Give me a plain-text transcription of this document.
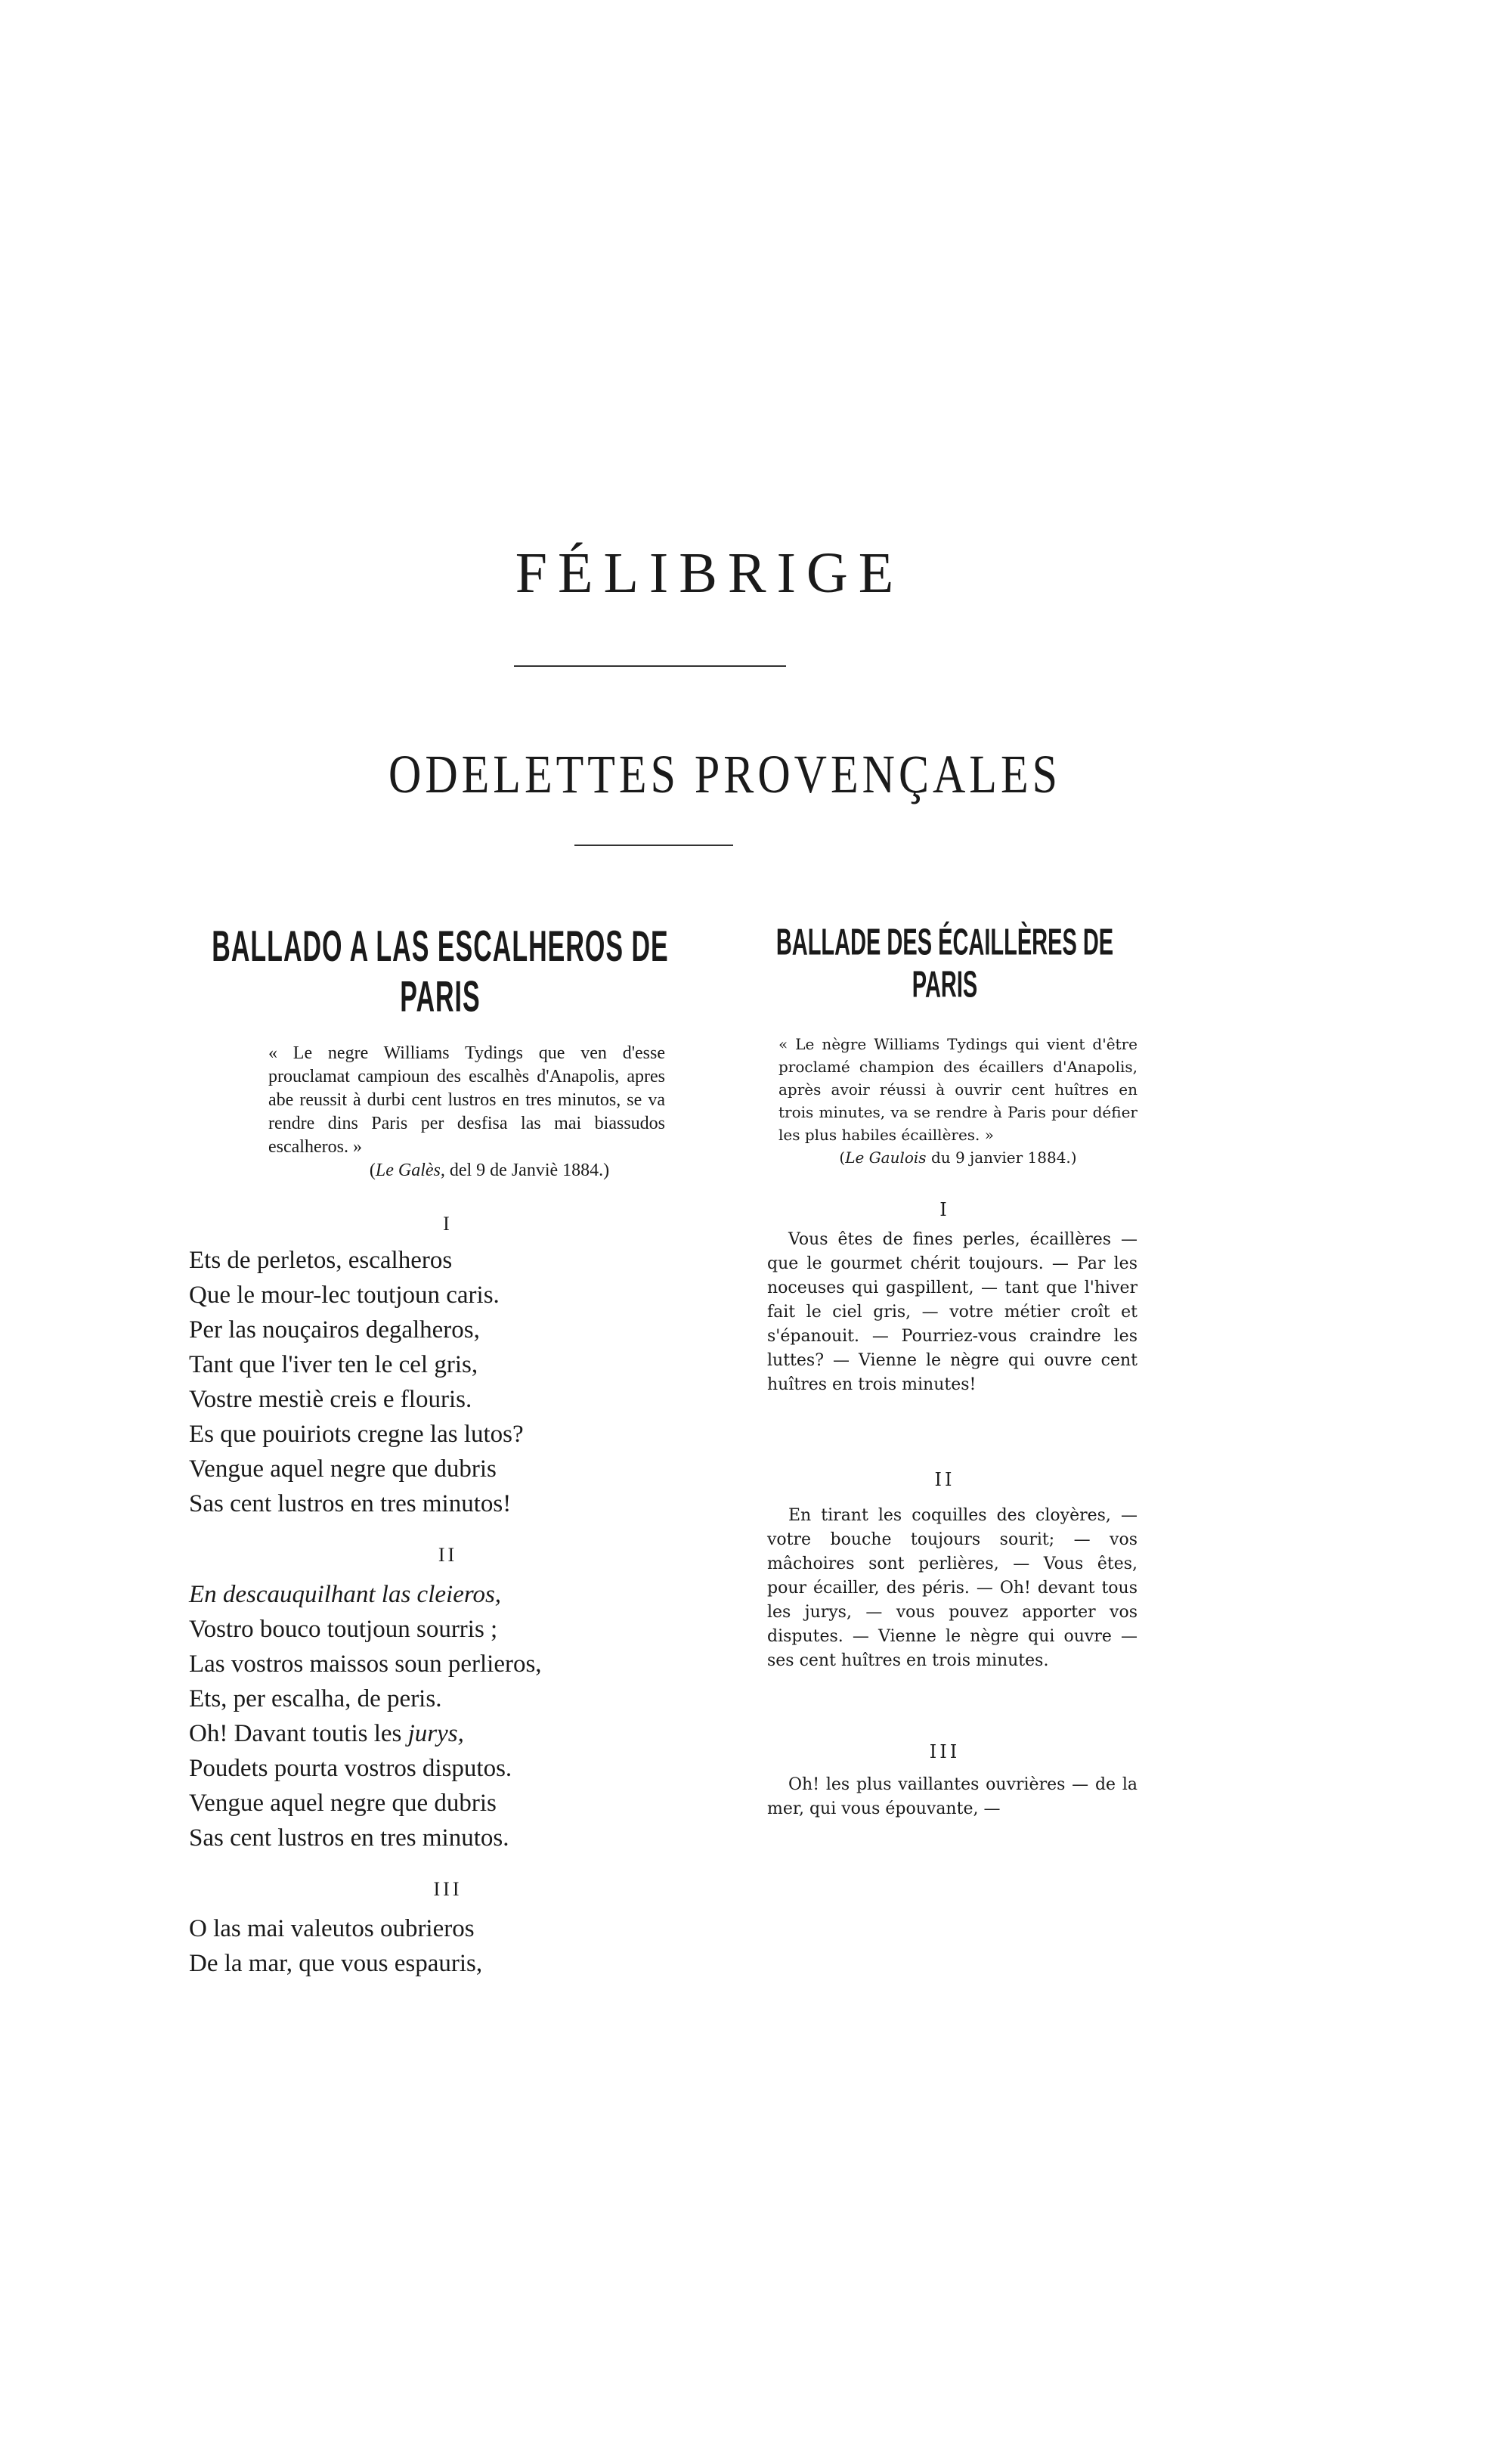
FÉLIBRIGE
ODELETTES PROVENÇALES
BALLADO A LAS ESCALHEROS DE PARIS
« Le negre Williams Tydings que ven d'esse prouclamat campioun des escalhès d'Anapolis, apres abe reussit à durbi cent lustros en tres minutos, se va rendre dins Paris per desfisa las mai biassudos escalheros. »
(Le Galès, del 9 de Janviè 1884.)
I
Ets de perletos, escalheros
Que le mour-lec toutjoun caris.
Per las nouçairos degalheros,
Tant que l'iver ten le cel gris,
Vostre mestiè creis e flouris.
Es que pouiriots cregne las lutos?
Vengue aquel negre que dubris
Sas cent lustros en tres minutos!
II
En descauquilhant las cleieros,
Vostro bouco toutjoun sourris ;
Las vostros maissos soun perlieros,
Ets, per escalha, de peris.
Oh! Davant toutis les jurys,
Poudets pourta vostros disputos.
Vengue aquel negre que dubris
Sas cent lustros en tres minutos.
III
O las mai valeutos oubrieros
De la mar, que vous espauris,
BALLADE DES ÉCAILLÈRES DE PARIS
« Le nègre Williams Tydings qui vient d'être proclamé champion des écaillers d'Anapolis, après avoir réussi à ouvrir cent huîtres en trois minutes, va se rendre à Paris pour défier les plus habiles écaillères. »
(Le Gaulois du 9 janvier 1884.)
I
Vous êtes de fines perles, écaillères — que le gourmet chérit toujours. — Par les noceuses qui gaspillent, — tant que l'hiver fait le ciel gris, — votre métier croît et s'épanouit. — Pourriez-vous craindre les luttes? — Vienne le nègre qui ouvre cent huîtres en trois minutes!
II
En tirant les coquilles des cloyères, — votre bouche toujours sourit; — vos mâchoires sont perlières, — Vous êtes, pour écailler, des péris. — Oh! devant tous les jurys, — vous pouvez apporter vos disputes. — Vienne le nègre qui ouvre — ses cent huîtres en trois minutes.
III
Oh! les plus vaillantes ouvrières — de la mer, qui vous épouvante, —
